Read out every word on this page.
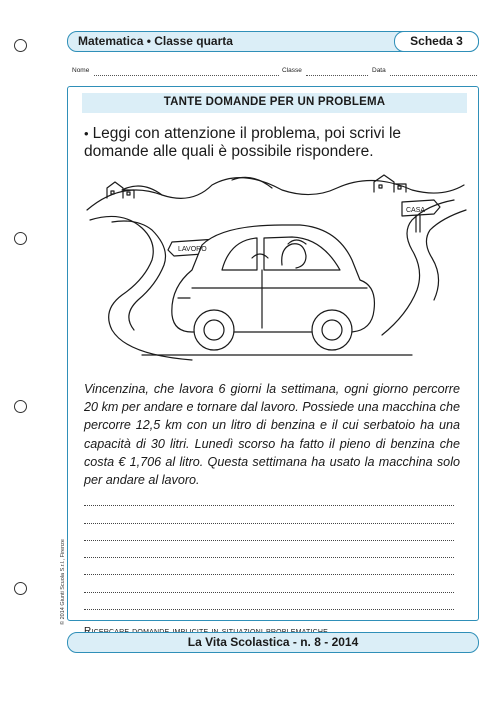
Matematica • Classe quarta	Scheda 3
Nome	Classe	Data
TANTE DOMANDE PER UN PROBLEMA
• Leggi con attenzione il problema, poi scrivi le domande alle quali è possibile rispondere.
LAVORO
CASA
Vincenzina, che lavora 6 giorni la settimana, ogni giorno percorre 20 km per andare e tornare dal lavoro. Possiede una macchina che percorre 12,5 km con un litro di benzina e il cui serbatoio ha una capacità di 30 litri. Lunedì scorso ha fatto il pieno di benzina che costa € 1,706 al litro. Questa settimana ha usato la macchina solo per andare al lavoro.
© 2014 Giunti Scuola S.r.l., Firenze
La Vita Scolastica - n. 8 - 2014
